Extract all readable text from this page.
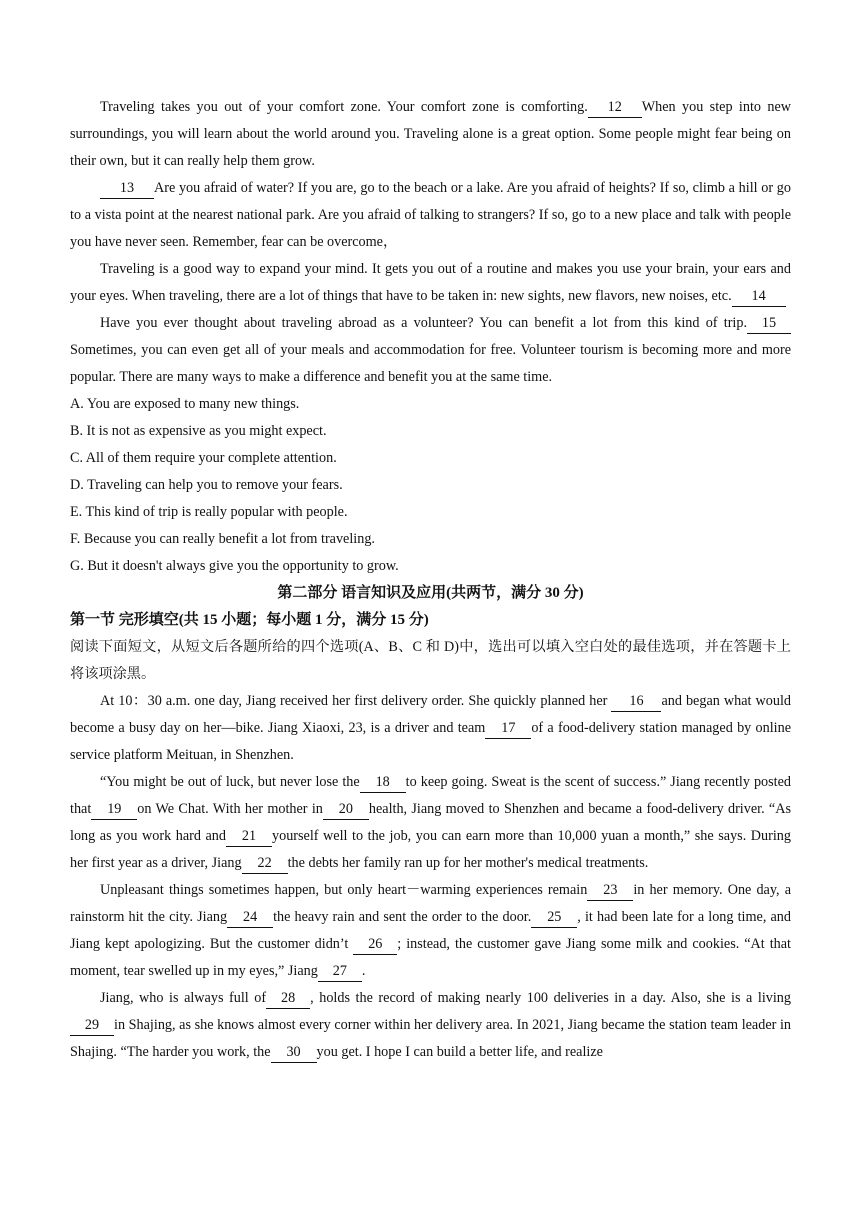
Traveling takes you out of your comfort zone. Your comfort zone is comforting. 12 When you step into new surroundings, you will learn about the world around you. Traveling alone is a great option. Some people might fear being on their own, but it can really help them grow.

13 Are you afraid of water? If you are, go to the beach or a lake. Are you afraid of heights? If so, climb a hill or go to a vista point at the nearest national park. Are you afraid of talking to strangers? If so, go to a new place and talk with people you have never seen. Remember, fear can be overcome，

Traveling is a good way to expand your mind. It gets you out of a routine and makes you use your brain, your ears and your eyes. When traveling, there are a lot of things that have to be taken in: new sights, new flavors, new noises, etc. 14

Have you ever thought about traveling abroad as a volunteer? You can benefit a lot from this kind of trip. 15 Sometimes, you can even get all of your meals and accommodation for free. Volunteer tourism is becoming more and more popular. There are many ways to make a difference and benefit you at the same time.

A. You are exposed to many new things.

B. It is not as expensive as you might expect.

C. All of them require your complete attention.

D. Traveling can help you to remove your fears.

E. This kind of trip is really popular with people.

F. Because you can really benefit a lot from traveling.

G. But it doesn't always give you the opportunity to grow.

第二部分 语言知识及应用(共两节，满分 30 分)

第一节 完形填空(共 15 小题；每小题 1 分，满分 15 分)

阅读下面短文，从短文后各题所给的四个选项(A、B、C 和 D)中，选出可以填入空白处的最佳选项，并在答题卡上将该项涂黑。

At 10：30 a.m. one day, Jiang received her first delivery order. She quickly planned her 16 and began what would become a busy day on her—bike. Jiang Xiaoxi, 23, is a driver and team 17 of a food-delivery station managed by online service platform Meituan, in Shenzhen.

“You might be out of luck, but never lose the 18 to keep going. Sweat is the scent of success.” Jiang recently posted that 19 on We Chat. With her mother in 20 health, Jiang moved to Shenzhen and became a food-delivery driver. “As long as you work hard and 21 yourself well to the job, you can earn more than 10,000 yuan a month,” she says. During her first year as a driver, Jiang 22 the debts her family ran up for her mother's medical treatments.

Unpleasant things sometimes happen, but only heart－warming experiences remain 23 in her memory. One day, a rainstorm hit the city. Jiang 24 the heavy rain and sent the order to the door. 25 , it had been late for a long time, and Jiang kept apologizing. But the customer didn’t 26 ; instead, the customer gave Jiang some milk and cookies. “At that moment, tear swelled up in my eyes,” Jiang 27 .

Jiang, who is always full of 28 , holds the record of making nearly 100 deliveries in a day. Also, she is a living29 in Shajing, as she knows almost every corner within her delivery area. In 2021, Jiang became the station team leader in Shajing. “The harder you work, the 30 you get. I hope I can build a better life, and realize
